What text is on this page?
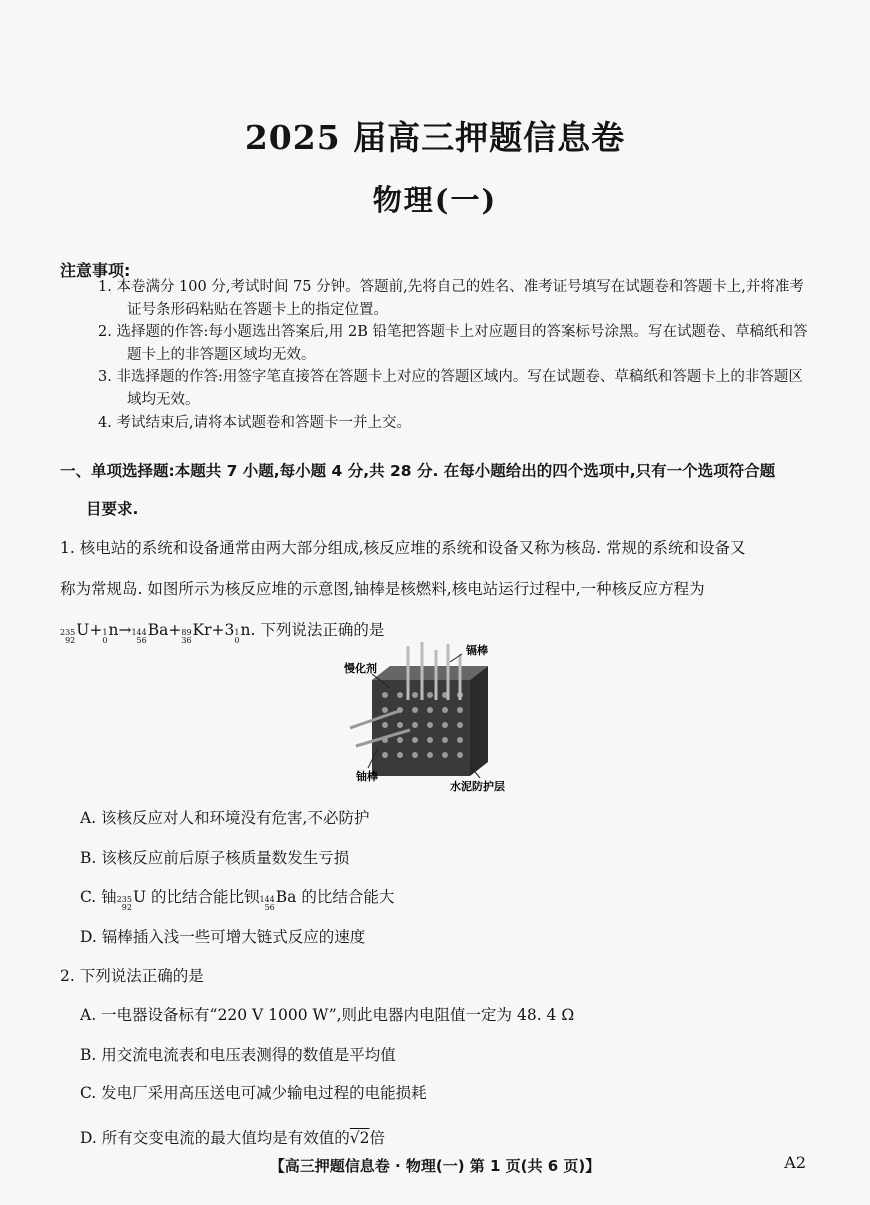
2025 届高三押题信息卷
物理(一)
注意事项:

1. 本卷满分 100 分,考试时间 75 分钟。答题前,先将自己的姓名、准考证号填写在试题卷和答题卡上,并将准考证号条形码粘贴在答题卡上的指定位置。

2. 选择题的作答:每小题选出答案后,用 2B 铅笔把答题卡上对应题目的答案标号涂黑。写在试题卷、草稿纸和答题卡上的非答题区域均无效。

3. 非选择题的作答:用签字笔直接答在答题卡上对应的答题区域内。写在试题卷、草稿纸和答题卡上的非答题区域均无效。

4. 考试结束后,请将本试题卷和答题卡一并上交。

一、单项选择题:本题共 7 小题,每小题 4 分,共 28 分. 在每小题给出的四个选项中,只有一个选项符合题
目要求.

1. 核电站的系统和设备通常由两大部分组成,核反应堆的系统和设备又称为核岛. 常规的系统和设备又

称为常规岛. 如图所示为核反应堆的示意图,铀棒是核燃料,核电站运行过程中,一种核反应方程为

235
92
U+ 1
0
n→ 144
56
Ba+ 89
36
Kr+3 1
0
n. 下列说法正确的是

慢化剂
镉棒
铀棒
水泥防护层
A. 该核反应对人和环境没有危害,不必防护
B. 该核反应前后原子核质量数发生亏损
C. 铀 235
92
U 的比结合能比钡 144
56
Ba 的比结合能大
D. 镉棒插入浅一些可增大链式反应的速度
2. 下列说法正确的是
A. 一电器设备标有“220 V 1000 W”,则此电器内电阻值一定为 48. 4 Ω
B. 用交流电流表和电压表测得的数值是平均值
C. 发电厂采用高压送电可减少输电过程的电能损耗
D. 所有交变电流的最大值均是有效值的√2倍
【高三押题信息卷 · 物理(一) 第 1 页(共 6 页)】	A2
